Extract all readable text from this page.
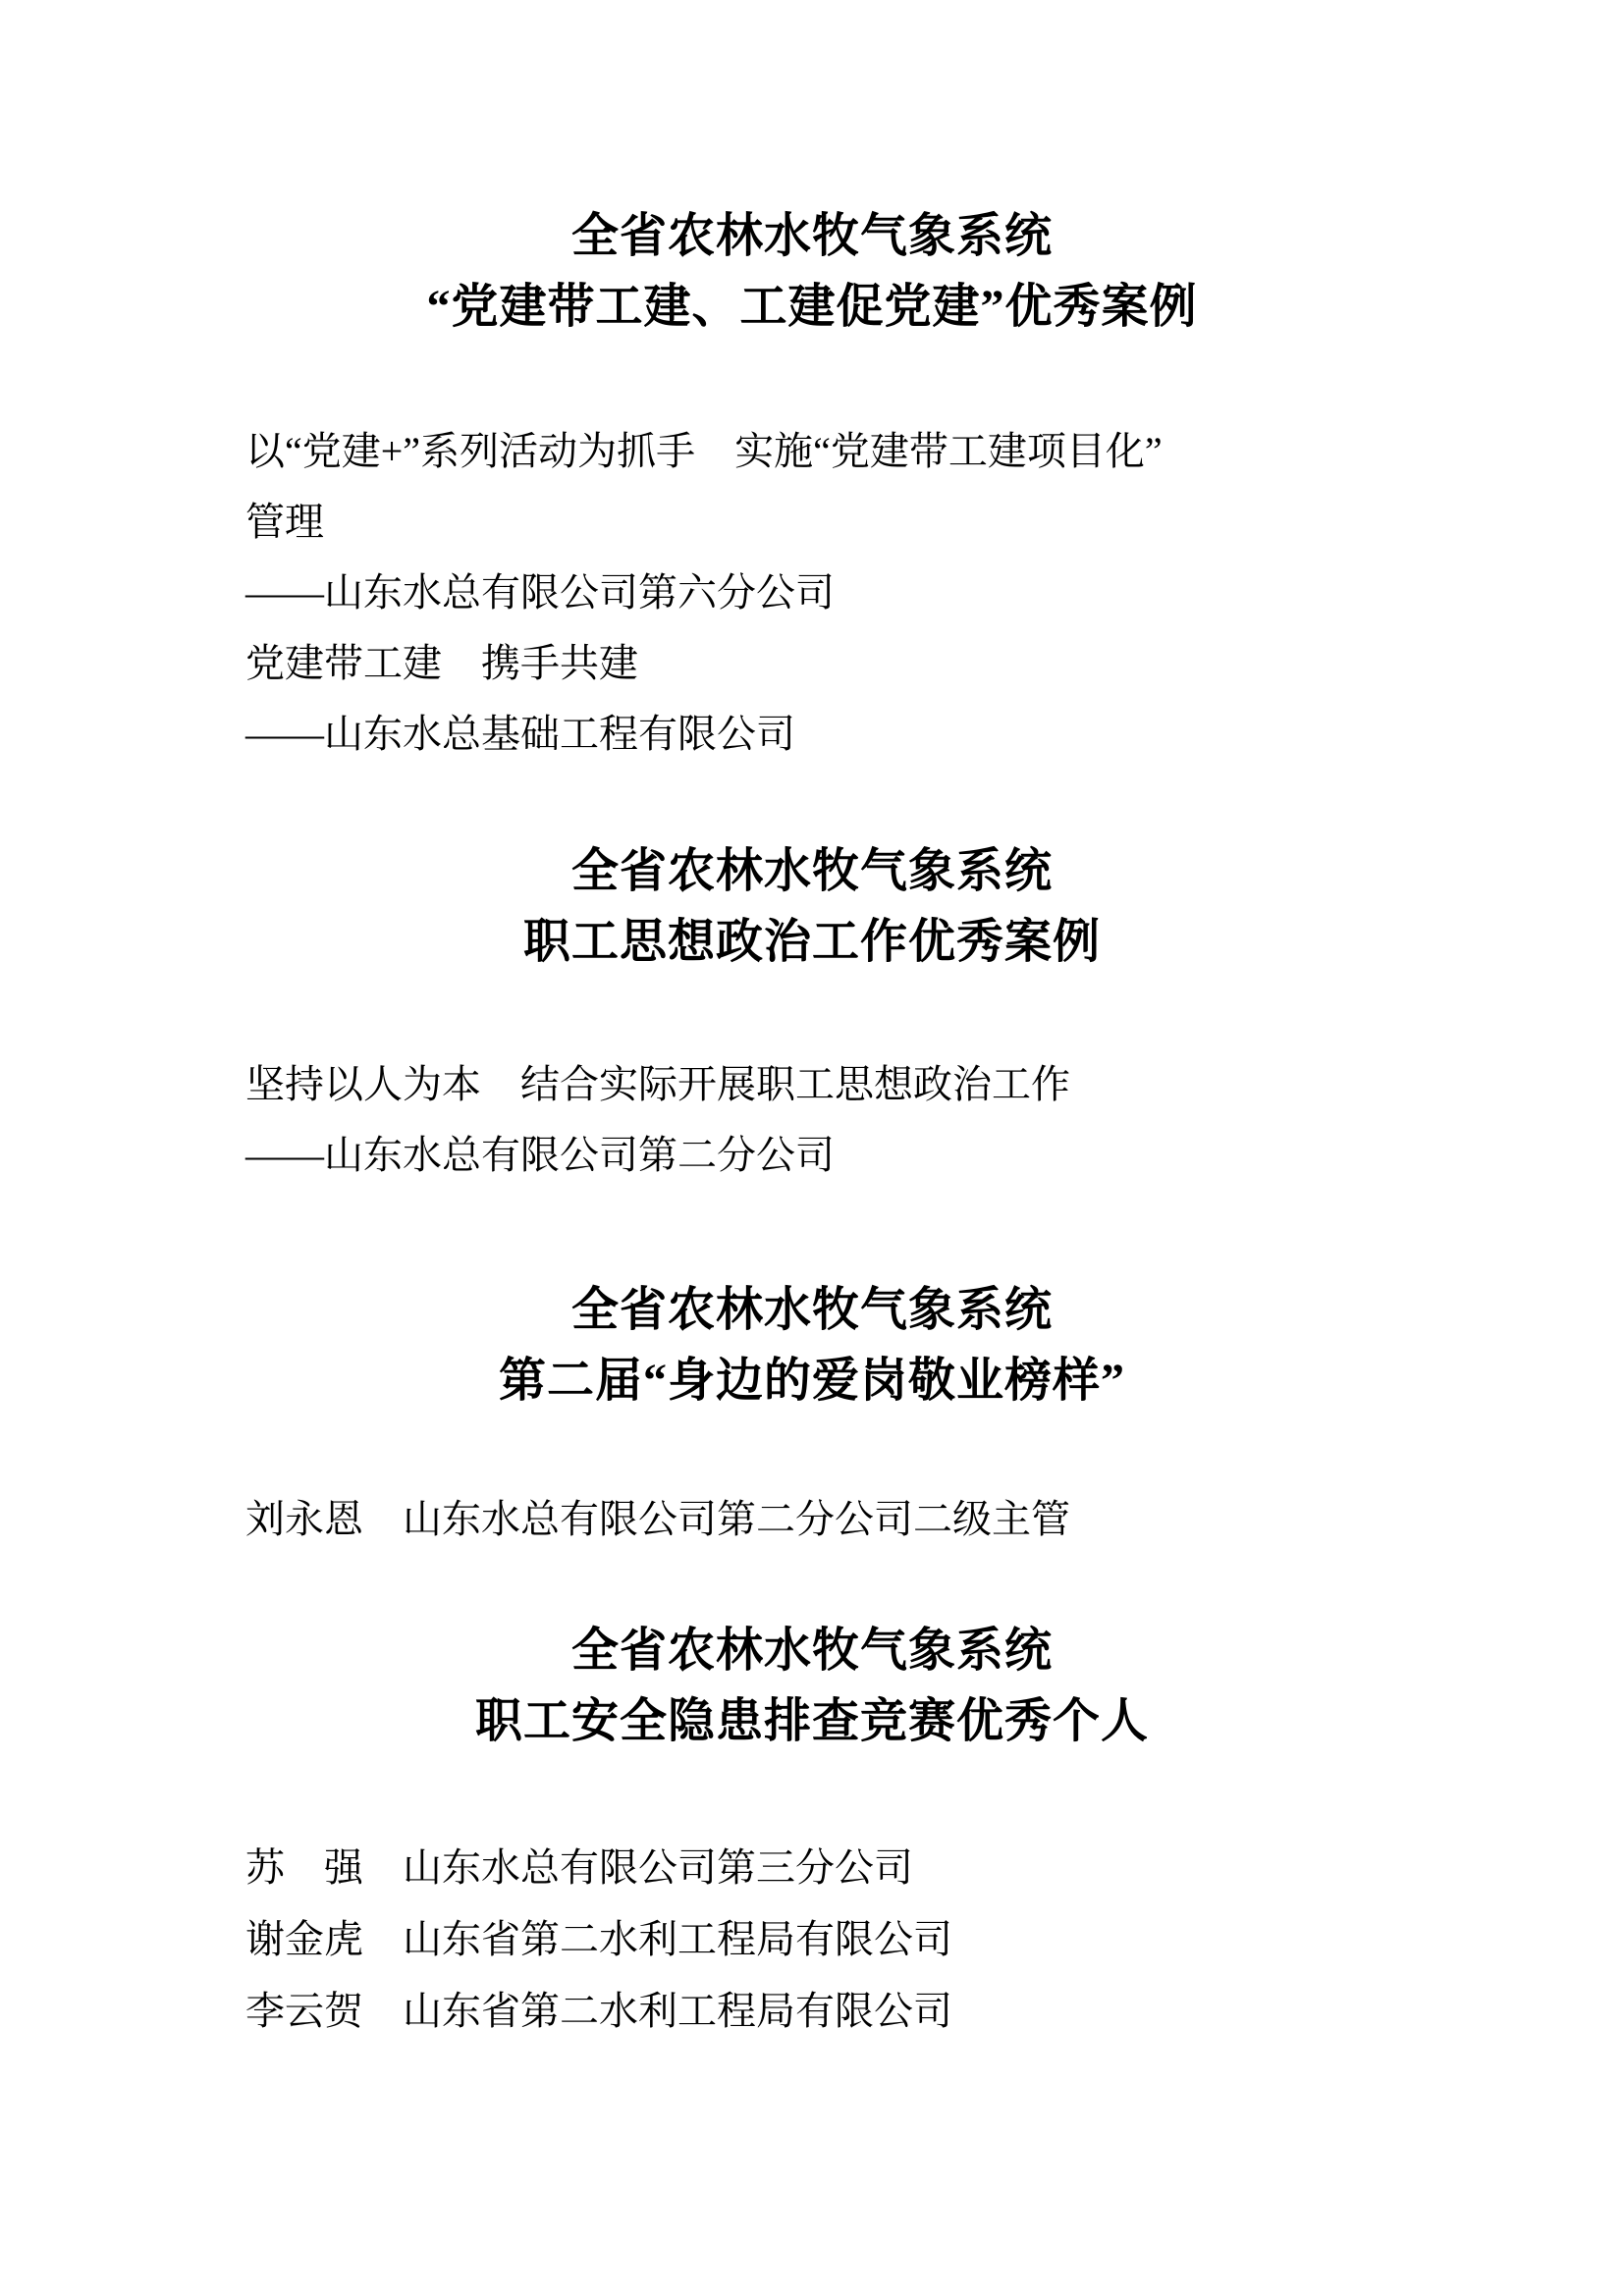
全省农林水牧气象系统
“党建带工建、工建促党建”优秀案例
以“党建+”系列活动为抓手　实施“党建带工建项目化”
管理
——山东水总有限公司第六分公司
党建带工建　携手共建
——山东水总基础工程有限公司
全省农林水牧气象系统
职工思想政治工作优秀案例
坚持以人为本　结合实际开展职工思想政治工作
——山东水总有限公司第二分公司
全省农林水牧气象系统
第二届“身边的爱岗敬业榜样”
刘永恩　山东水总有限公司第二分公司二级主管
全省农林水牧气象系统
职工安全隐患排查竞赛优秀个人
苏　强　山东水总有限公司第三分公司
谢金虎　山东省第二水利工程局有限公司
李云贺　山东省第二水利工程局有限公司
